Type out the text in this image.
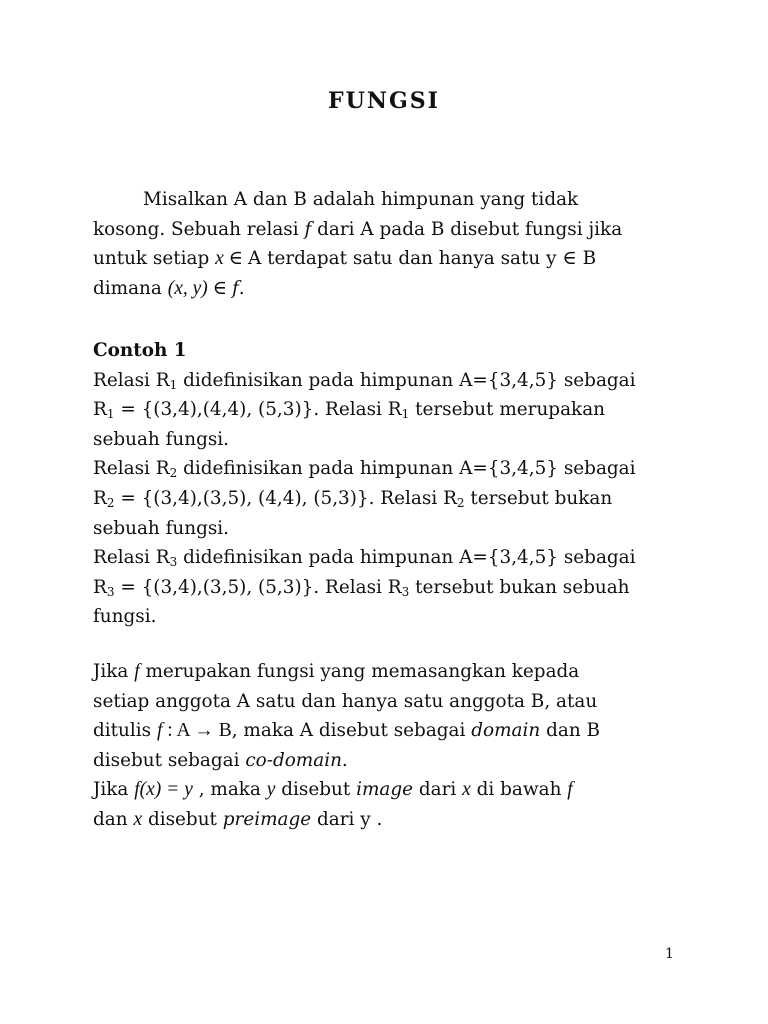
FUNGSI

Misalkan A dan B adalah himpunan yang tidak

kosong. Sebuah relasi f dari A pada B disebut fungsi jika

untuk setiap x ∈ A terdapat satu dan hanya satu y ∈ B

dimana (x, y) ∈ f.

Contoh 1

Relasi $R_1$ didefinisikan pada himpunan A={3,4,5} sebagai

$R_1 = \{(3,4),(4,4)$, (5,3)}. Relasi $R_1$ tersebut merupakan

sebuah fungsi.

Relasi $R_2$ didefinisikan pada himpunan A={3,4,5} sebagai

$R_2 = \{(3,4),(3,5)$, (4,4), (5,3)}. Relasi $R_2$ tersebut bukan

sebuah fungsi.

Relasi $R_3$ didefinisikan pada himpunan A={3,4,5} sebagai

$R_3 = \{(3,4),(3,5)$, (5,3)}. Relasi $R_3$ tersebut bukan sebuah

fungsi.

Jika f merupakan fungsi yang memasangkan kepada

setiap anggota A satu dan hanya satu anggota B, atau

ditulis f : A → B, maka A disebut sebagai domain dan B

disebut sebagai co-domain.

Jika f(x) = y , maka y disebut image dari x di bawah f

dan x disebut preimage dari y .

1
